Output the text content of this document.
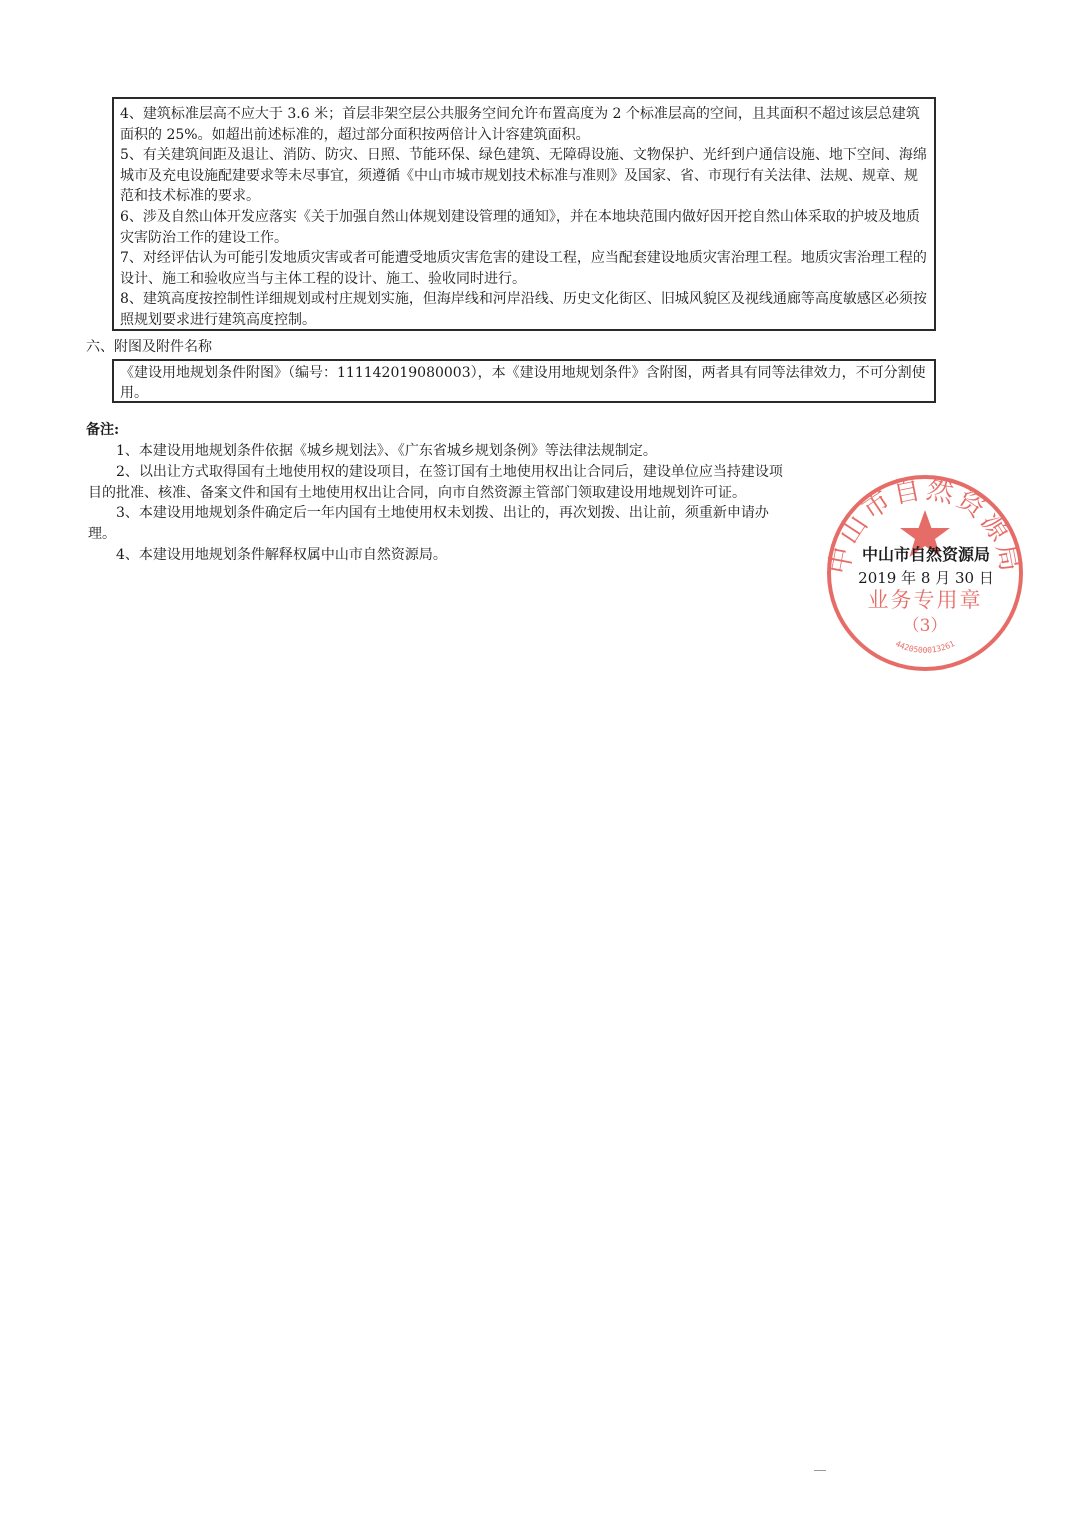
4、建筑标准层高不应大于 3.6 米；首层非架空层公共服务空间允许布置高度为 2 个标准层高的空间，且其面积不超过该层总建筑面积的 25%。如超出前述标准的，超过部分面积按两倍计入计容建筑面积。

5、有关建筑间距及退让、消防、防灾、日照、节能环保、绿色建筑、无障碍设施、文物保护、光纤到户通信设施、地下空间、海绵城市及充电设施配建要求等未尽事宜，须遵循《中山市城市规划技术标准与准则》及国家、省、市现行有关法律、法规、规章、规范和技术标准的要求。

6、涉及自然山体开发应落实《关于加强自然山体规划建设管理的通知》，并在本地块范围内做好因开挖自然山体采取的护坡及地质灾害防治工作的建设工作。

7、对经评估认为可能引发地质灾害或者可能遭受地质灾害危害的建设工程，应当配套建设地质灾害治理工程。地质灾害治理工程的设计、施工和验收应当与主体工程的设计、施工、验收同时进行。

8、建筑高度按控制性详细规划或村庄规划实施，但海岸线和河岸沿线、历史文化街区、旧城风貌区及视线通廊等高度敏感区必须按照规划要求进行建筑高度控制。

六、附图及附件名称
《建设用地规划条件附图》（编号：111142019080003），本《建设用地规划条件》含附图，两者具有同等法律效力，不可分割使用。
备注:

1、本建设用地规划条件依据《城乡规划法》、《广东省城乡规划条例》等法律法规制定。

2、以出让方式取得国有土地使用权的建设项目，在签订国有土地使用权出让合同后，建设单位应当持建设项目的批准、核准、备案文件和国有土地使用权出让合同，向市自然资源主管部门领取建设用地规划许可证。

3、本建设用地规划条件确定后一年内国有土地使用权未划拨、出让的，再次划拨、出让前，须重新申请办理。

4、本建设用地规划条件解释权属中山市自然资源局。	中山市自然资源局
业务专用章
（3）
4420500013261
中山市自然资源局
2019 年 8 月 30 日
